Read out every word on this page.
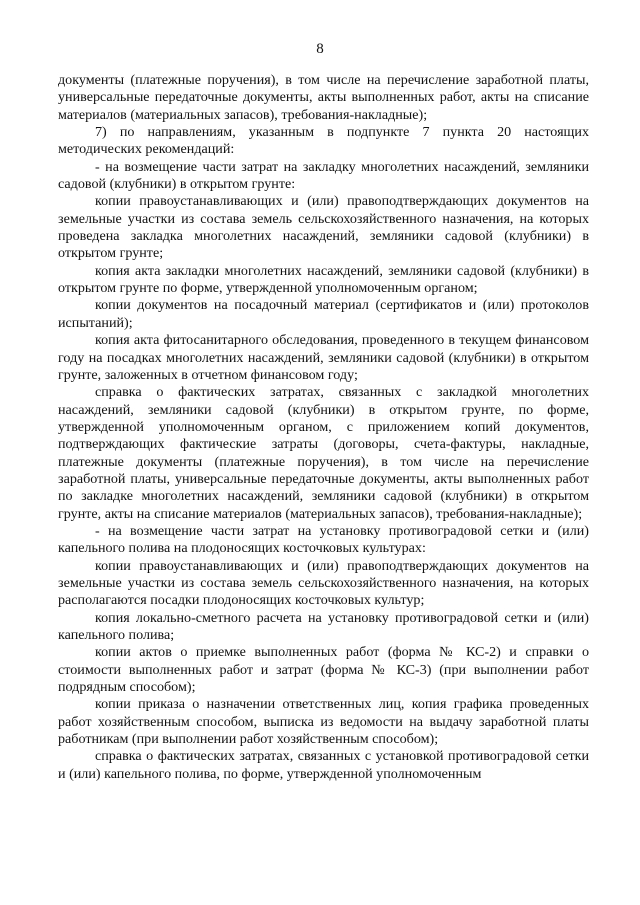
8

документы (платежные поручения), в том числе на перечисление заработной платы, универсальные передаточные документы, акты выполненных работ, акты на списание материалов (материальных запасов), требования-накладные);

7) по направлениям, указанным в подпункте 7 пункта 20 настоящих методических рекомендаций:

- на возмещение части затрат на закладку многолетних насаждений, земляники садовой (клубники) в открытом грунте:

копии правоустанавливающих и (или) правоподтверждающих документов на земельные участки из состава земель сельскохозяйственного назначения, на которых проведена закладка многолетних насаждений, земляники садовой (клубники) в открытом грунте;

копия акта закладки многолетних насаждений, земляники садовой (клубники) в открытом грунте по форме, утвержденной уполномоченным органом;

копии документов на посадочный материал (сертификатов и (или) протоколов испытаний);

копия акта фитосанитарного обследования, проведенного в текущем финансовом году на посадках многолетних насаждений, земляники садовой (клубники) в открытом грунте, заложенных в отчетном финансовом году;

справка о фактических затратах, связанных с закладкой многолетних насаждений, земляники садовой (клубники) в открытом грунте, по форме, утвержденной уполномоченным органом, с приложением копий документов, подтверждающих фактические затраты (договоры, счета-фактуры, накладные, платежные документы (платежные поручения), в том числе на перечисление заработной платы, универсальные передаточные документы, акты выполненных работ по закладке многолетних насаждений, земляники садовой (клубники) в открытом грунте, акты на списание материалов (материальных запасов), требования-накладные);

- на возмещение части затрат на установку противоградовой сетки и (или) капельного полива на плодоносящих косточковых культурах:

копии правоустанавливающих и (или) правоподтверждающих документов на земельные участки из состава земель сельскохозяйственного назначения, на которых располагаются посадки плодоносящих косточковых культур;

копия локально-сметного расчета на установку противоградовой сетки и (или) капельного полива;

копии актов о приемке выполненных работ (форма № КС-2) и справки о стоимости выполненных работ и затрат (форма № КС-3) (при выполнении работ подрядным способом);

копии приказа о назначении ответственных лиц, копия графика проведенных работ хозяйственным способом, выписка из ведомости на выдачу заработной платы работникам (при выполнении работ хозяйственным способом);

справка о фактических затратах, связанных с установкой противоградовой сетки и (или) капельного полива, по форме, утвержденной уполномоченным
